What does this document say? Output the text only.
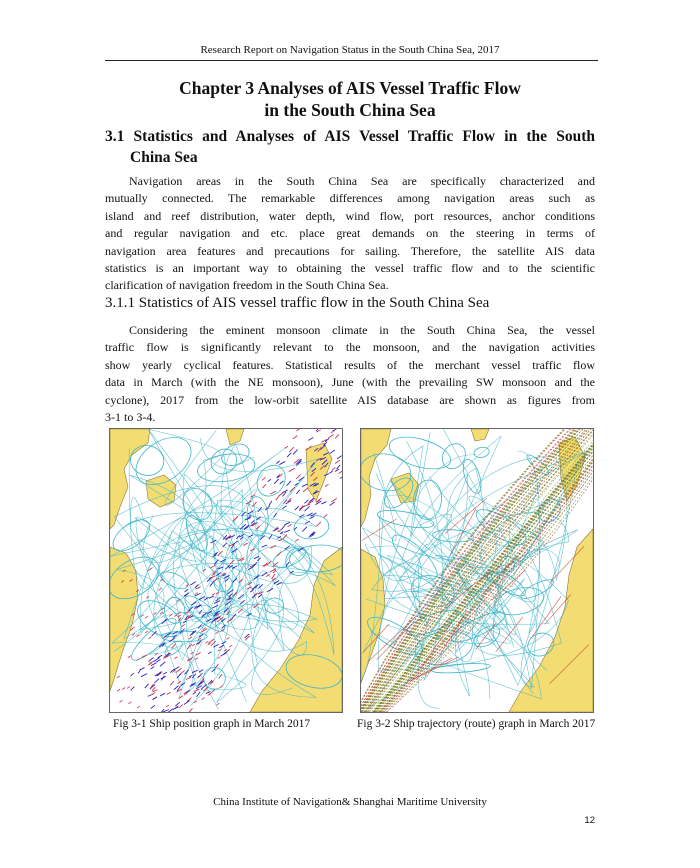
Research Report on Navigation Status in the South China Sea, 2017
Chapter 3 Analyses of AIS Vessel Traffic Flow
in the South China Sea
3.1 Statistics and Analyses of AIS Vessel Traffic Flow in the South
China Sea
Navigation areas in the South China Sea are specifically characterized and
mutually connected. The remarkable differences among navigation areas such as
island and reef distribution, water depth, wind flow, port resources, anchor conditions
and regular navigation and etc. place great demands on the steering in terms of
navigation area features and precautions for sailing. Therefore, the satellite AIS data
statistics is an important way to obtaining the vessel traffic flow and to the scientific
clarification of navigation freedom in the South China Sea.
3.1.1 Statistics of AIS vessel traffic flow in the South China Sea
Considering the eminent monsoon climate in the South China Sea, the vessel
traffic flow is significantly relevant to the monsoon, and the navigation activities
show yearly cyclical features. Statistical results of the merchant vessel traffic flow
data in March (with the NE monsoon), June (with the prevailing SW monsoon and the
cyclone), 2017 from the low-orbit satellite AIS database are shown as figures from
3-1 to 3-4.
Fig 3-1 Ship position graph in March 2017	Fig 3-2 Ship trajectory (route) graph in March 2017
China Institute of Navigation& Shanghai Maritime University
12
